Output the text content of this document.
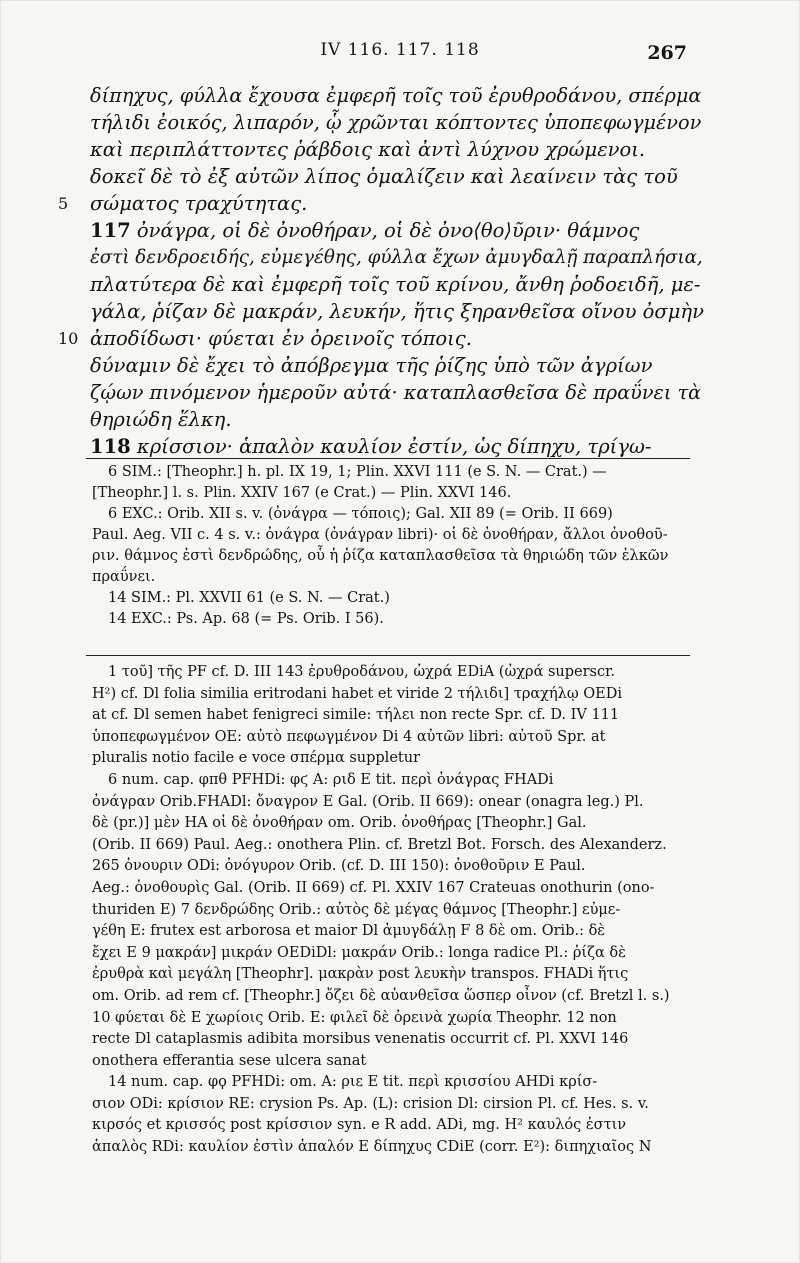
IV 116. 117. 118	267
δίπηχυς, φύλλα ἔχουσα ἐμφερῆ τοῖς τοῦ ἐρυθροδάνου, σπέρμα
τήλιδι ἐοικός, λιπαρόν, ᾧ χρῶνται κόπτοντες ὑποπεφωγμένον
καὶ περιπλάττοντες ῥάβδοις καὶ ἀντὶ λύχνου χρώμενοι.
δοκεῖ δὲ τὸ ἐξ αὐτῶν λίπος ὁμαλίζειν καὶ λεαίνειν τὰς τοῦ
5 σώματος τραχύτητας.
117 ὀνάγρα, οἱ δὲ ὀνοθήραν, οἱ δὲ ὀνο⟨θο⟩ῦριν· θάμνος
ἐστὶ δενδροειδής, εὐμεγέθης, φύλλα ἔχων ἀμυγδαλῇ παραπλήσια,
πλατύτερα δὲ καὶ ἐμφερῆ τοῖς τοῦ κρίνου, ἄνθη ῥοδοειδῆ, με-
γάλα, ῥίζαν δὲ μακράν, λευκήν, ἥτις ξηρανθεῖσα οἴνου ὀσμὴν
10 ἀποδίδωσι· φύεται ἐν ὀρεινοῖς τόποις.
δύναμιν δὲ ἔχει τὸ ἀπόβρεγμα τῆς ῥίζης ὑπὸ τῶν ἀγρίων
ζῴων πινόμενον ἡμεροῦν αὐτά· καταπλασθεῖσα δὲ πραΰνει τὰ
θηριώδη ἕλκη.
118 κρίσσιον· ἁπαλὸν καυλίον ἐστίν, ὡς δίπηχυ, τρίγω-
6 SIM.: [Theophr.] h. pl. IX 19, 1; Plin. XXVI 111 (e S. N. — Crat.) —
[Theophr.] l. s. Plin. XXIV 167 (e Crat.) — Plin. XXVI 146.
6 EXC.: Orib. XII s. v. (ὀνάγρα — τόποις); Gal. XII 89 (= Orib. II 669)
Paul. Aeg. VII c. 4 s. v.: ὀνάγρα (ὀνάγραν libri)· οἱ δὲ ὀνοθήραν, ἄλλοι ὀνοθοῦ-
ριν. θάμνος ἐστὶ δενδρώδης, οὗ ἡ ῥίζα καταπλασθεῖσα τὰ θηριώδη τῶν ἑλκῶν
πραΰνει.
14 SIM.: Pl. XXVII 61 (e S. N. — Crat.)
14 EXC.: Ps. Ap. 68 (= Ps. Orib. I 56).
1 τοῦ] τῆς PF cf. D. III 143 ἐρυθροδάνου, ὠχρά EDiA (ὠχρά superscr.
H²) cf. Dl folia similia eritrodani habet et viride 2 τήλιδι] τραχήλῳ OEDi
at cf. Dl semen habet fenigreci simile: τήλει non recte Spr. cf. D. IV 111
ὑποπεφωγμένον OE: αὐτὸ πεφωγμένον Di 4 αὐτῶν libri: αὐτοῦ Spr. at
pluralis notio facile e voce σπέρμα suppletur
6 num. cap. φπθ PFHDi: φϛ A: ριδ E tit. περὶ ὀνάγρας FHADi
ὀνάγραν Orib.FHADl: ὄναγρον E Gal. (Orib. II 669): onear (onagra leg.) Pl.
δὲ (pr.)] μὲν HA οἱ δὲ ὀνοθήραν om. Orib. ὀνοθήρας [Theophr.] Gal.
(Orib. II 669) Paul. Aeg.: onothera Plin. cf. Bretzl Bot. Forsch. des Alexanderz.
265 ὀνουριν ODi: ὀνόγυρον Orib. (cf. D. III 150): ὀνοθοῦριν E Paul.
Aeg.: ὀνοθουρὶς Gal. (Orib. II 669) cf. Pl. XXIV 167 Crateuas onothurin (ono-
thuriden E) 7 δενδρώδης Orib.: αὐτὸς δὲ μέγας θάμνος [Theophr.] εὐμε-
γέθη E: frutex est arborosa et maior Dl ἀμυγδάλῃ F 8 δὲ om. Orib.: δὲ
ἔχει E 9 μακράν] μικράν OEDiDl: μακράν Orib.: longa radice Pl.: ῥίζα δὲ
ἐρυθρὰ καὶ μεγάλη [Theophr]. μακρὰν post λευκὴν transpos. FHADi ἥτις
om. Orib. ad rem cf. [Theophr.] ὄζει δὲ αὐανθεῖσα ὥσπερ οἶνον (cf. Bretzl l. s.)
10 φύεται δὲ E χωρίοις Orib. E: φιλεῖ δὲ ὀρεινὰ χωρία Theophr. 12 non
recte Dl cataplasmis adibita morsibus venenatis occurrit cf. Pl. XXVI 146
onothera efferantia sese ulcera sanat
14 num. cap. φϙ PFHDi: om. A: ριε E tit. περὶ κρισσίου AHDi κρίσ-
σιον ODi: κρίσιον RE: crysion Ps. Ap. (L): crision Dl: cirsion Pl. cf. Hes. s. v.
κιρσός et κρισσός post κρίσσιον syn. e R add. ADi, mg. H² καυλός ἐστιν
ἁπαλὸς RDi: καυλίον ἐστὶν ἁπαλόν E δίπηχυς CDiE (corr. E²): διπηχιαῖος N
